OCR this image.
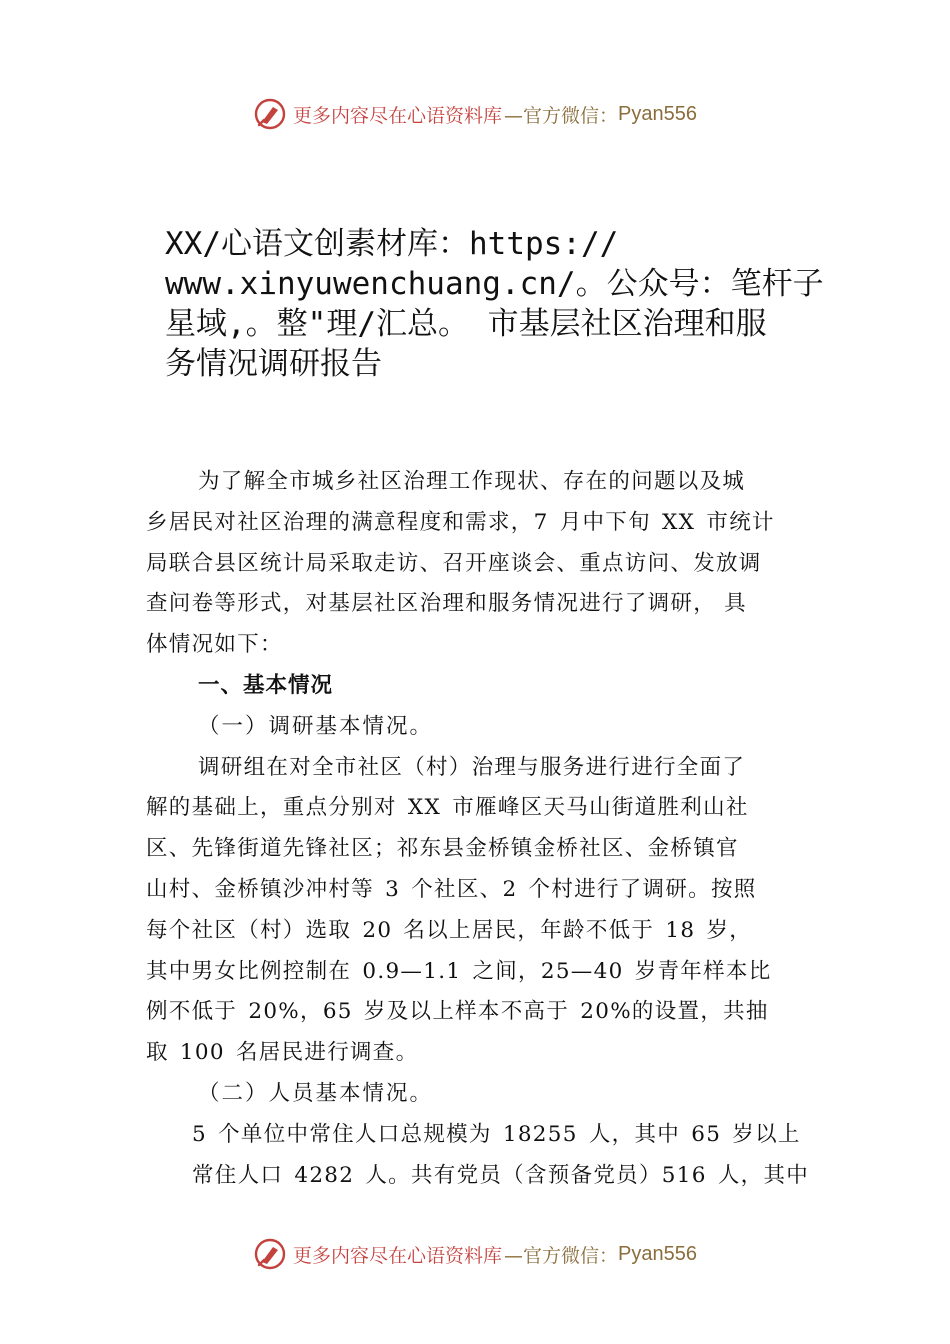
更多内容尽在心语资料库 —官方微信： Pyan556
XX/心语文创素材库：https://
www.xinyuwenchuang.cn/。公众号：笔杆子
星域,。整"理/汇总。 市基层社区治理和服
务情况调研报告
为了解全市城乡社区治理工作现状、存在的问题以及城
乡居民对社区治理的满意程度和需求，7 月中下旬 XX 市统计
局联合县区统计局采取走访、召开座谈会、重点访问、发放调
查问卷等形式，对基层社区治理和服务情况进行了调研， 具
体情况如下：
一、基本情况
（一）调研基本情况。
调研组在对全市社区（村）治理与服务进行进行全面了
解的基础上，重点分别对 XX 市雁峰区天马山街道胜利山社
区、先锋街道先锋社区；祁东县金桥镇金桥社区、金桥镇官
山村、金桥镇沙冲村等 3 个社区、2 个村进行了调研。按照
每个社区（村）选取 20 名以上居民，年龄不低于 18 岁，
其中男女比例控制在 0.9—1.1 之间，25—40 岁青年样本比
例不低于 20%，65 岁及以上样本不高于 20%的设置，共抽
取 100 名居民进行调查。
（二）人员基本情况。
5 个单位中常住人口总规模为 18255 人，其中 65 岁以上
常住人口 4282 人。共有党员（含预备党员）516 人，其中
更多内容尽在心语资料库 —官方微信： Pyan556
